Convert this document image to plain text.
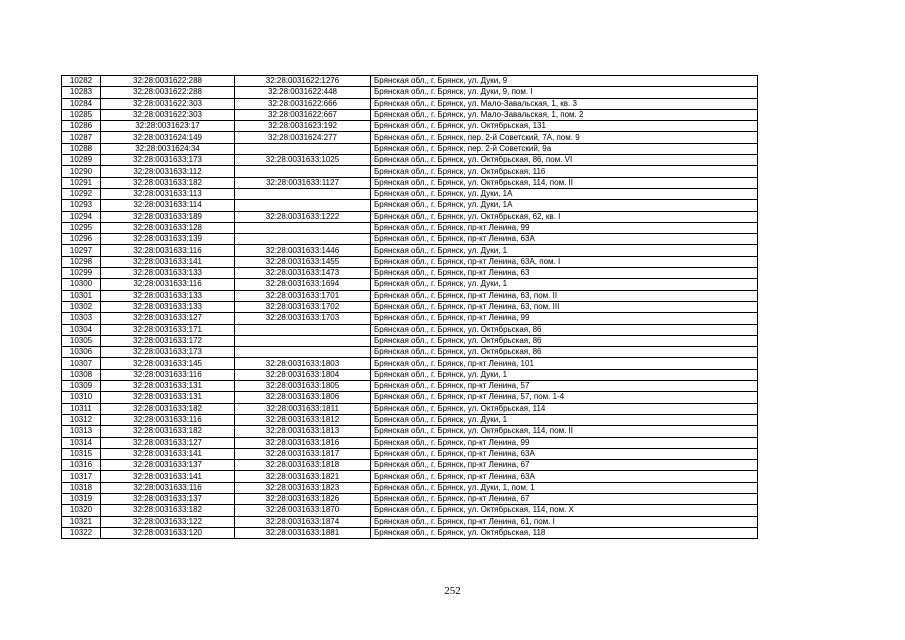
10282	32:28:0031622:288	32:28:0031622:1276	Брянская обл., г. Брянск, ул. Дуки, 9
10283	32:28:0031622:288	32:28:0031622:448	Брянская обл., г. Брянск, ул. Дуки, 9, пом. I
10284	32:28:0031622:303	32:28:0031622:666	Брянская обл., г. Брянск, ул. Мало-Завальская, 1, кв. 3
10285	32:28:0031622:303	32:28:0031622:667	Брянская обл., г. Брянск, ул. Мало-Завальская, 1, пом. 2
10286	32:28:0031623:17	32:28:0031623:192	Брянская обл., г. Брянск, ул. Октябрьская, 131
10287	32:28:0031624:149	32:28:0031624:277	Брянская обл., г. Брянск, пер. 2-й Советский, 7А, пом. 9
10288	32:28:0031624:34		Брянская обл., г. Брянск, пер. 2-й Советский, 9а
10289	32:28:0031633:173	32:28:0031633:1025	Брянская обл., г. Брянск, ул. Октябрьская, 86, пом. VI
10290	32:28:0031633:112		Брянская обл., г. Брянск, ул. Октябрьская, 116
10291	32:28:0031633:182	32:28:0031633:1127	Брянская обл., г. Брянск, ул. Октябрьская, 114, пом. II
10292	32:28:0031633:113		Брянская обл., г. Брянск, ул. Дуки, 1А
10293	32:28:0031633:114		Брянская обл., г. Брянск, ул. Дуки, 1А
10294	32:28:0031633:189	32:28:0031633:1222	Брянская обл., г. Брянск, ул. Октябрьская, 62, кв. I
10295	32:28:0031633:128		Брянская обл., г. Брянск, пр-кт Ленина, 99
10296	32:28:0031633:139		Брянская обл., г. Брянск, пр-кт Ленина, 63А
10297	32:28:0031633:116	32:28:0031633:1446	Брянская обл., г. Брянск, ул. Дуки, 1
10298	32:28:0031633:141	32:28:0031633:1455	Брянская обл., г. Брянск, пр-кт Ленина, 63А, пом. I
10299	32:28:0031633:133	32:28:0031633:1473	Брянская обл., г. Брянск, пр-кт Ленина, 63
10300	32:28:0031633:116	32:28:0031633:1694	Брянская обл., г. Брянск, ул. Дуки, 1
10301	32:28:0031633:133	32:28:0031633:1701	Брянская обл., г. Брянск, пр-кт Ленина, 63, пом. II
10302	32:28:0031633:133	32:28:0031633:1702	Брянская обл., г. Брянск, пр-кт Ленина, 63, пом. III
10303	32:28:0031633:127	32:28:0031633:1703	Брянская обл., г. Брянск, пр-кт Ленина, 99
10304	32:28:0031633:171		Брянская обл., г. Брянск, ул. Октябрьская, 86
10305	32:28:0031633:172		Брянская обл., г. Брянск, ул. Октябрьская, 86
10306	32:28:0031633:173		Брянская обл., г. Брянск, ул. Октябрьская, 86
10307	32:28:0031633:145	32:28:0031633:1803	Брянская обл., г. Брянск, пр-кт Ленина, 101
10308	32:28:0031633:116	32:28:0031633:1804	Брянская обл., г. Брянск, ул. Дуки, 1
10309	32:28:0031633:131	32:28:0031633:1805	Брянская обл., г. Брянск, пр-кт Ленина, 57
10310	32:28:0031633:131	32:28:0031633:1806	Брянская обл., г. Брянск, пр-кт Ленина, 57, пом. 1-4
10311	32:28:0031633:182	32:28:0031633:1811	Брянская обл., г. Брянск, ул. Октябрьская, 114
10312	32:28:0031633:116	32:28:0031633:1812	Брянская обл., г. Брянск, ул. Дуки, 1
10313	32:28:0031633:182	32:28:0031633:1813	Брянская обл., г. Брянск, ул. Октябрьская, 114, пом. II
10314	32:28:0031633:127	32:28:0031633:1816	Брянская обл., г. Брянск, пр-кт Ленина, 99
10315	32:28:0031633:141	32:28:0031633:1817	Брянская обл., г. Брянск, пр-кт Ленина, 63А
10316	32:28:0031633:137	32:28:0031633:1818	Брянская обл., г. Брянск, пр-кт Ленина, 67
10317	32:28:0031633:141	32:28:0031633:1821	Брянская обл., г. Брянск, пр-кт Ленина, 63А
10318	32:28:0031633:116	32:28:0031633:1823	Брянская обл., г. Брянск, ул. Дуки, 1, пом. 1
10319	32:28:0031633:137	32:28:0031633:1826	Брянская обл., г. Брянск, пр-кт Ленина, 67
10320	32:28:0031633:182	32:28:0031633:1870	Брянская обл., г. Брянск, ул. Октябрьская, 114, пом. X
10321	32:28:0031633:122	32:28:0031633:1874	Брянская обл., г. Брянск, пр-кт Ленина, 61, пом. I
10322	32:28:0031633:120	32:28:0031633:1881	Брянская обл., г. Брянск, ул. Октябрьская, 118
252
